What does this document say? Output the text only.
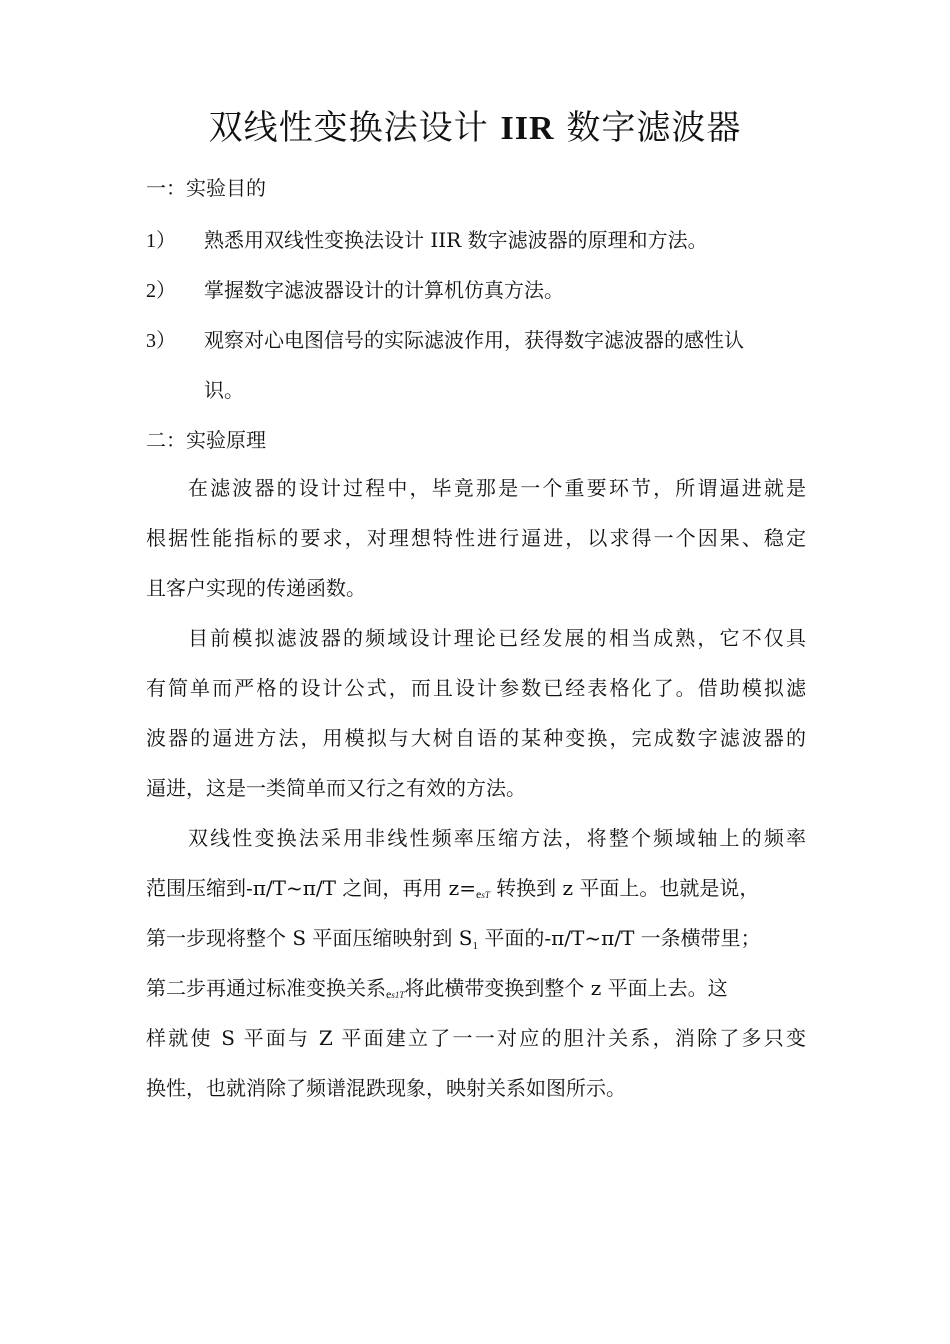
双线性变换法设计 IIR 数字滤波器
一：实验目的
1） 熟悉用双线性变换法设计 IIR 数字滤波器的原理和方法。
2） 掌握数字滤波器设计的计算机仿真方法。
3） 观察对心电图信号的实际滤波作用，获得数字滤波器的感性认
识。
二：实验原理
在滤波器的设计过程中，毕竟那是一个重要环节，所谓逼进就是
根据性能指标的要求，对理想特性进行逼进，以求得一个因果、稳定
且客户实现的传递函数。
目前模拟滤波器的频域设计理论已经发展的相当成熟，它不仅具
有简单而严格的设计公式，而且设计参数已经表格化了。借助模拟滤
波器的逼进方法，用模拟与大树自语的某种变换，完成数字滤波器的
逼进，这是一类简单而又行之有效的方法。
双线性变换法采用非线性频率压缩方法，将整个频域轴上的频率
范围压缩到-π/T~π/T 之间，再用 z=esT 转换到 z 平面上。也就是说，
第一步现将整个 S 平面压缩映射到 $S_1$ 平面的-π/T~π/T 一条横带里；
第二步再通过标准变换关系es1T将此横带变换到整个 z 平面上去。这
样就使 S 平面与 Z 平面建立了一一对应的胆汁关系，消除了多只变
换性，也就消除了频谱混跌现象，映射关系如图所示。
